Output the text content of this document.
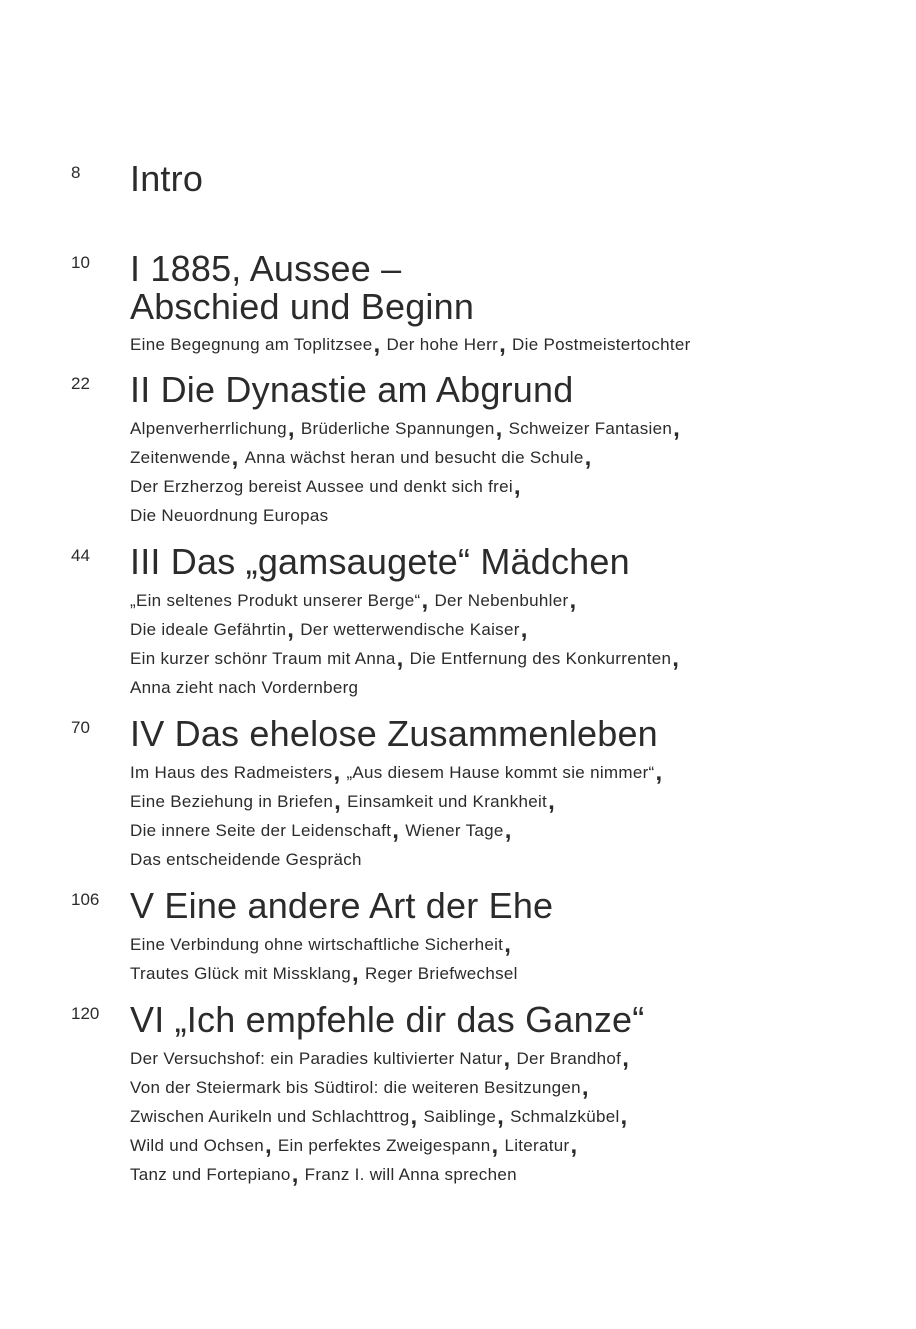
8 Intro
10 I 1885, Aussee –
Abschied und Beginn
Eine Begegnung am Toplitzsee, Der hohe Herr, Die Postmeistertochter
22 II Die Dynastie am Abgrund
Alpenverherrlichung, Brüderliche Spannungen, Schweizer Fantasien,
Zeitenwende, Anna wächst heran und besucht die Schule,
Der Erzherzog bereist Aussee und denkt sich frei,
Die Neuordnung Europas
44 III Das „gamsaugete“ Mädchen
„Ein seltenes Produkt unserer Berge“, Der Nebenbuhler,
Die ideale Gefährtin, Der wetterwendische Kaiser,
Ein kurzer schönr Traum mit Anna, Die Entfernung des Konkurrenten,
Anna zieht nach Vordernberg
70 IV Das ehelose Zusammenleben
Im Haus des Radmeisters, „Aus diesem Hause kommt sie nimmer“,
Eine Beziehung in Briefen, Einsamkeit und Krankheit,
Die innere Seite der Leidenschaft, Wiener Tage,
Das entscheidende Gespräch
106 V Eine andere Art der Ehe
Eine Verbindung ohne wirtschaftliche Sicherheit,
Trautes Glück mit Missklang, Reger Briefwechsel
120 VI „Ich empfehle dir das Ganze“
Der Versuchshof: ein Paradies kultivierter Natur, Der Brandhof,
Von der Steiermark bis Südtirol: die weiteren Besitzungen,
Zwischen Aurikeln und Schlachttrog, Saiblinge, Schmalzkübel,
Wild und Ochsen, Ein perfektes Zweigespann, Literatur,
Tanz und Fortepiano, Franz I. will Anna sprechen
